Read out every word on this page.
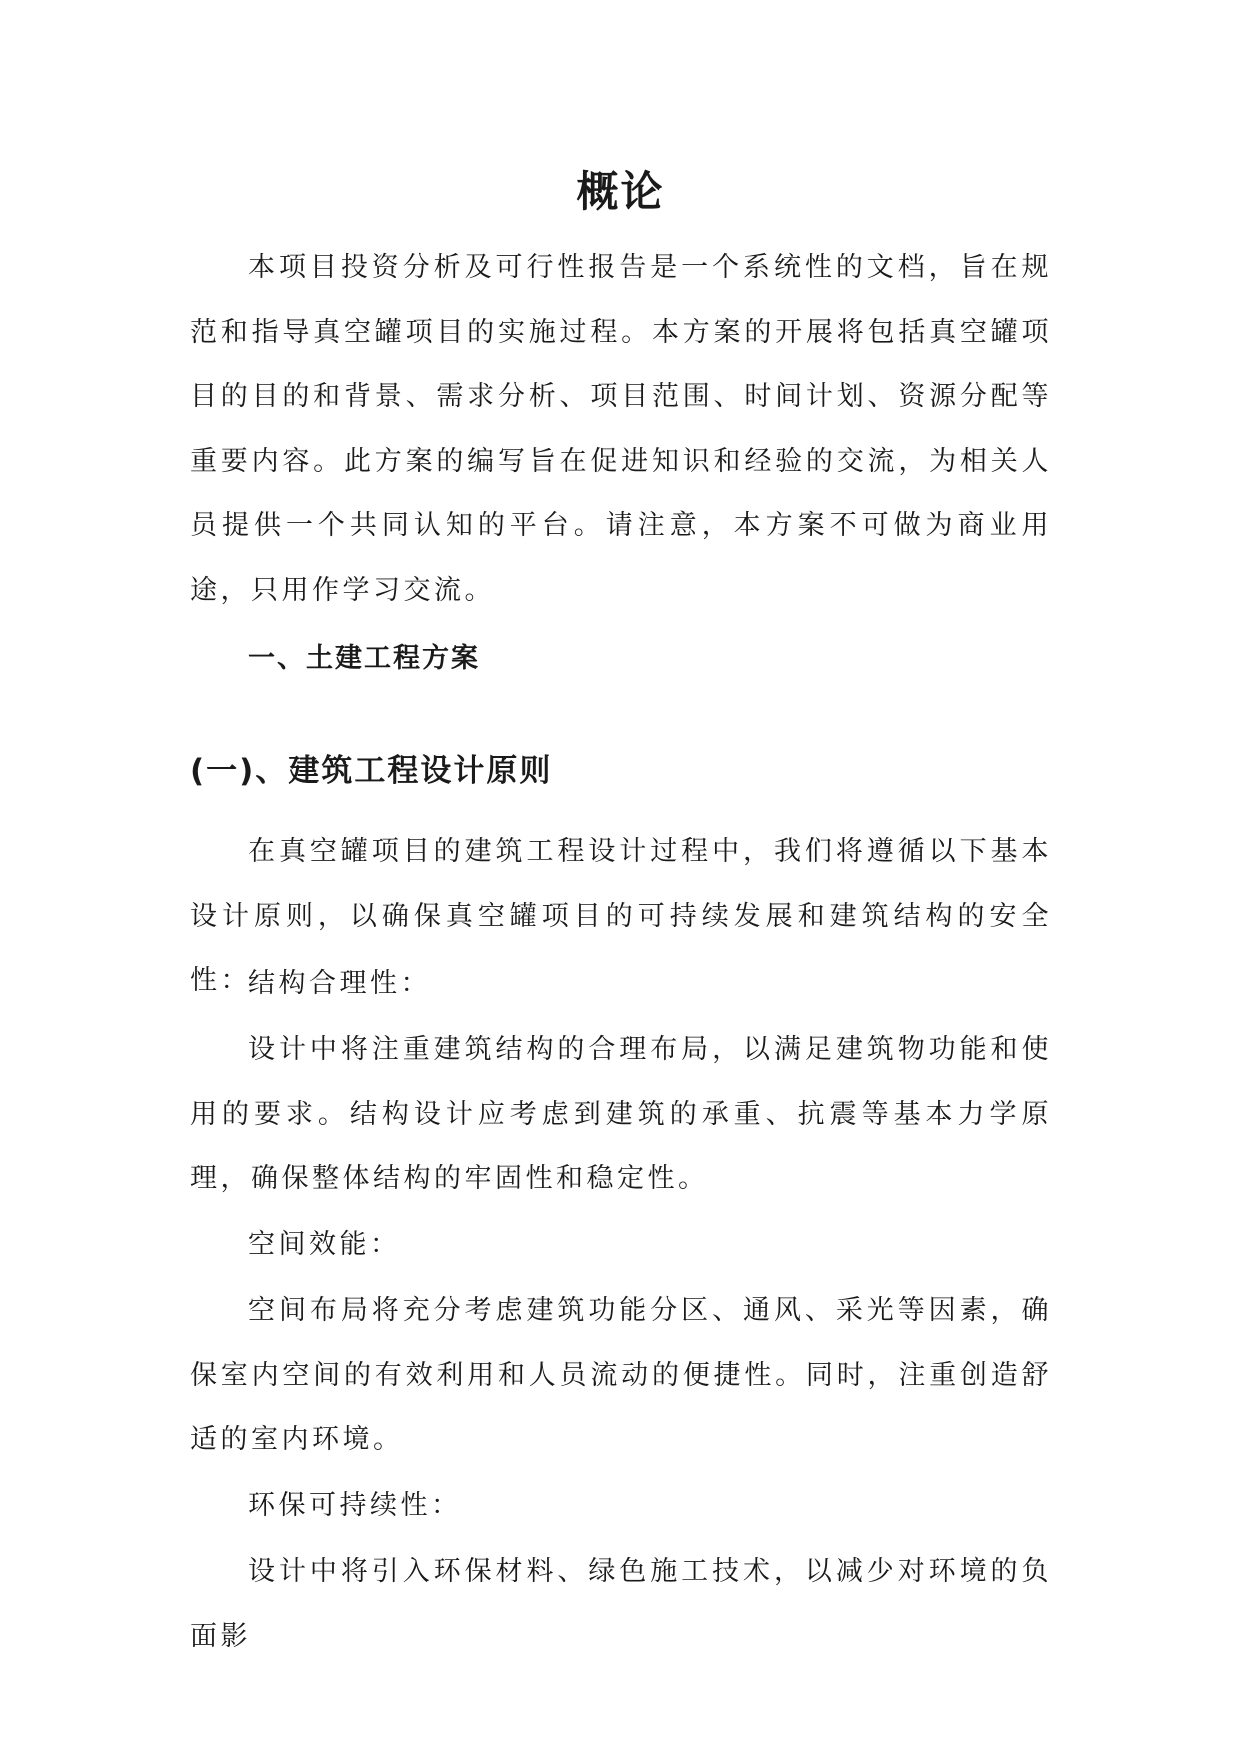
概论

本项目投资分析及可行性报告是一个系统性的文档，旨在规范和指导真空罐项目的实施过程。本方案的开展将包括真空罐项目的目的和背景、需求分析、项目范围、时间计划、资源分配等重要内容。此方案的编写旨在促进知识和经验的交流，为相关人员提供一个共同认知的平台。请注意，本方案不可做为商业用途，只用作学习交流。

一、土建工程方案

(一)、建筑工程设计原则

在真空罐项目的建筑工程设计过程中，我们将遵循以下基本设计原则，以确保真空罐项目的可持续发展和建筑结构的安全性：

结构合理性：

设计中将注重建筑结构的合理布局，以满足建筑物功能和使用的要求。结构设计应考虑到建筑的承重、抗震等基本力学原理，确保整体结构的牢固性和稳定性。

空间效能：

空间布局将充分考虑建筑功能分区、通风、采光等因素，确保室内空间的有效利用和人员流动的便捷性。同时，注重创造舒适的室内环境。

环保可持续性：

设计中将引入环保材料、绿色施工技术，以减少对环境的负面影
